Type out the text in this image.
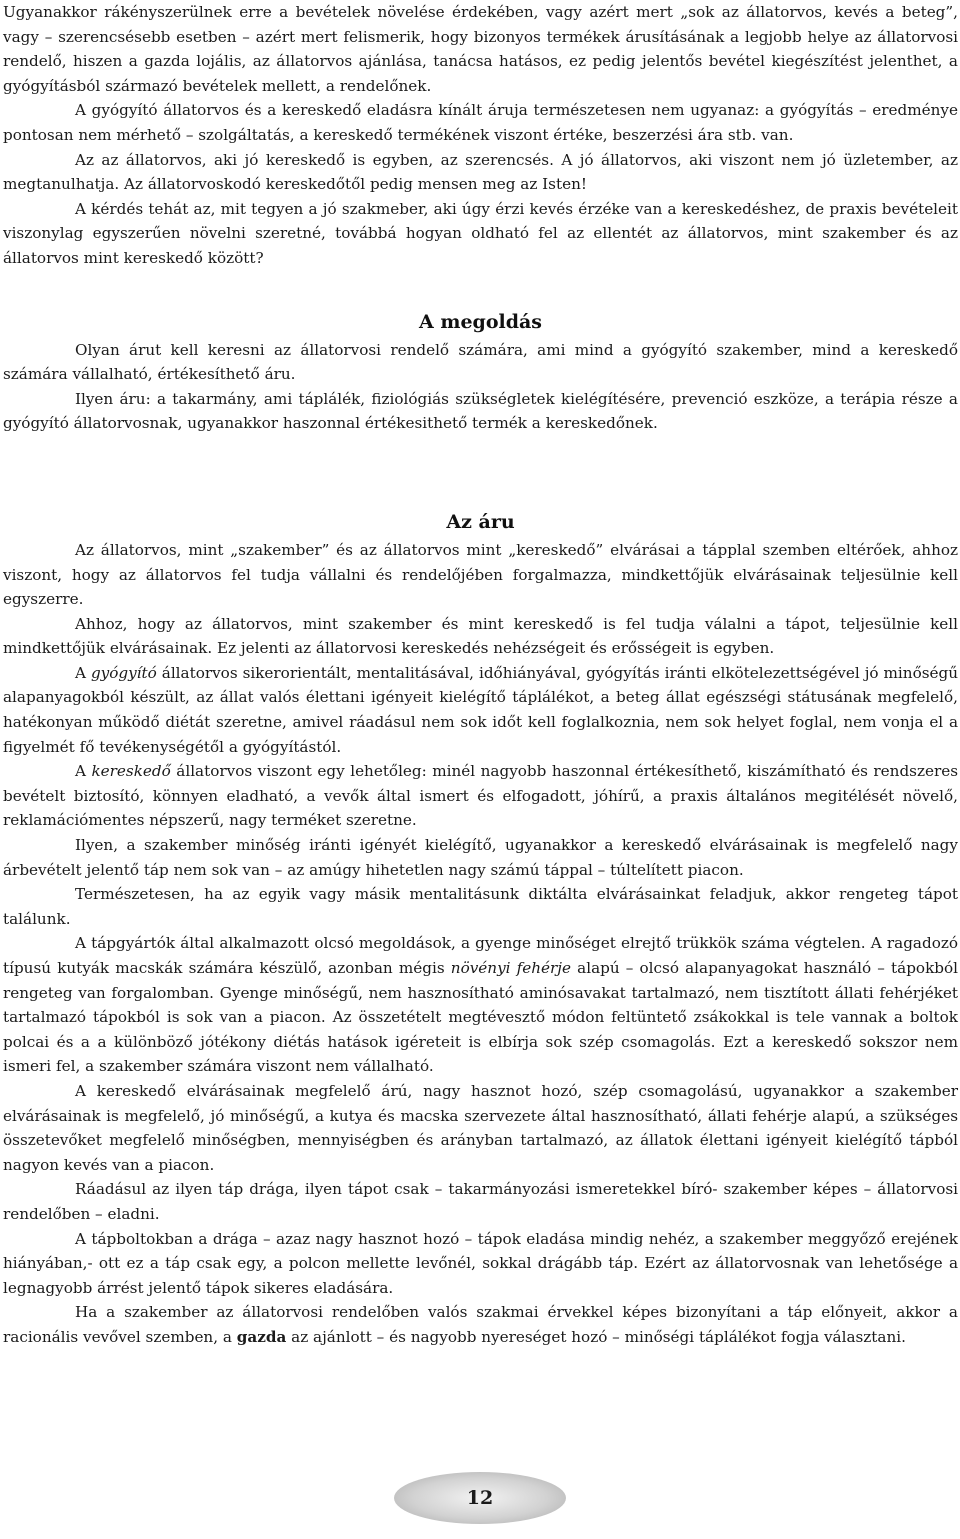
Ugyanakkor rákényszerülnek erre a bevételek növelése érdekében, vagy azért mert „sok az állatorvos, kevés a beteg”, vagy – szerencsésebb esetben – azért mert felismerik, hogy bizonyos termékek árusításának a legjobb helye az állatorvosi rendelő, hiszen a gazda lojális, az állatorvos ajánlása, tanácsa hatásos, ez pedig jelentős bevétel kiegészítést jelenthet, a gyógyításból származó bevételek mellett, a rendelőnek.

A gyógyító állatorvos és a kereskedő eladásra kínált áruja természetesen nem ugyanaz: a gyógyítás – eredménye pontosan nem mérhető – szolgáltatás, a kereskedő termékének viszont értéke, beszerzési ára stb. van.

Az az állatorvos, aki jó kereskedő is egyben, az szerencsés. A jó állatorvos, aki viszont nem jó üzletember, az megtanulhatja. Az állatorvoskodó kereskedőtől pedig mensen meg az Isten!

A kérdés tehát az, mit tegyen a jó szakmeber, aki úgy érzi kevés érzéke van a kereskedéshez, de praxis bevételeit viszonylag egyszerűen növelni szeretné, továbbá hogyan oldható fel az ellentét az állatorvos, mint szakember és az állatorvos mint kereskedő között?

A megoldás

Olyan árut kell keresni az állatorvosi rendelő számára, ami mind a gyógyító szakember, mind a kereskedő számára vállalható, értékesíthető áru.

Ilyen áru: a takarmány, ami táplálék, fiziológiás szükségletek kielégítésére, prevenció eszköze, a terápia része a gyógyító állatorvosnak, ugyanakkor haszonnal értékesithető termék a kereskedőnek.

Az áru

Az állatorvos, mint „szakember” és az állatorvos mint „kereskedő” elvárásai a tápplal szemben eltérőek, ahhoz viszont, hogy az állatorvos fel tudja vállalni és rendelőjében forgalmazza, mindkettőjük elvárásainak teljesülnie kell egyszerre.

Ahhoz, hogy az állatorvos, mint szakember és mint kereskedő is fel tudja válalni a tápot, teljesülnie kell mindkettőjük elvárásainak. Ez jelenti az állatorvosi kereskedés nehézségeit és erősségeit is egyben.

A gyógyító állatorvos sikerorientált, mentalitásával, időhiányával, gyógyítás iránti elkötelezettségével jó minőségű alapanyagokból készült, az állat valós élettani igényeit kielégítő táplálékot, a beteg állat egészségi státusának megfelelő, hatékonyan működő diétát szeretne, amivel ráadásul nem sok időt kell foglalkoznia, nem sok helyet foglal, nem vonja el a figyelmét fő tevékenységétől a gyógyítástól.

A kereskedő állatorvos viszont egy lehetőleg: minél nagyobb haszonnal értékesíthető, kiszámítható és rendszeres bevételt biztosító, könnyen eladható, a vevők által ismert és elfogadott, jóhírű, a praxis általános megitélését növelő, reklamációmentes népszerű, nagy terméket szeretne.

Ilyen, a szakember minőség iránti igényét kielégítő, ugyanakkor a kereskedő elvárásainak is megfelelő nagy árbevételt jelentő táp nem sok van – az amúgy hihetetlen nagy számú táppal – túltelített piacon.

Természetesen, ha az egyik vagy másik mentalitásunk diktálta elvárásainkat feladjuk, akkor rengeteg tápot találunk.

A tápgyártók által alkalmazott olcsó megoldások, a gyenge minőséget elrejtő trükkök száma végtelen. A ragadozó típusú kutyák macskák számára készülő, azonban mégis növényi fehérje alapú – olcsó alapanyagokat használó – tápokból rengeteg van forgalomban. Gyenge minőségű, nem hasznosítható aminósavakat tartalmazó, nem tisztított állati fehérjéket tartalmazó tápokból is sok van a piacon. Az összetételt megtévesztő módon feltüntető zsákokkal is tele vannak a boltok polcai és a a különböző jótékony diétás hatások igéreteit is elbírja sok szép csomagolás. Ezt a kereskedő sokszor nem ismeri fel, a szakember számára viszont nem vállalható.

A kereskedő elvárásainak megfelelő árú, nagy hasznot hozó, szép csomagolású, ugyanakkor a szakember elvárásainak is megfelelő, jó minőségű, a kutya és macska szervezete által hasznosítható, állati fehérje alapú, a szükséges összetevőket megfelelő minőségben, mennyiségben és arányban tartalmazó, az állatok élettani igényeit kielégítő tápból nagyon kevés van a piacon.

Ráadásul az ilyen táp drága, ilyen tápot csak – takarmányozási ismeretekkel bíró- szakember képes – állatorvosi rendelőben – eladni.

A tápboltokban a drága – azaz nagy hasznot hozó – tápok eladása mindig nehéz, a szakember meggyőző erejének hiányában,- ott ez a táp csak egy, a polcon mellette levőnél, sokkal drágább táp. Ezért az állatorvosnak van lehetősége a legnagyobb árrést jelentő tápok sikeres eladására.

Ha a szakember az állatorvosi rendelőben valós szakmai érvekkel képes bizonyítani a táp előnyeit, akkor a racionális vevővel szemben, a gazda az ajánlott – és nagyobb nyereséget hozó – minőségi táplálékot fogja választani.

12
